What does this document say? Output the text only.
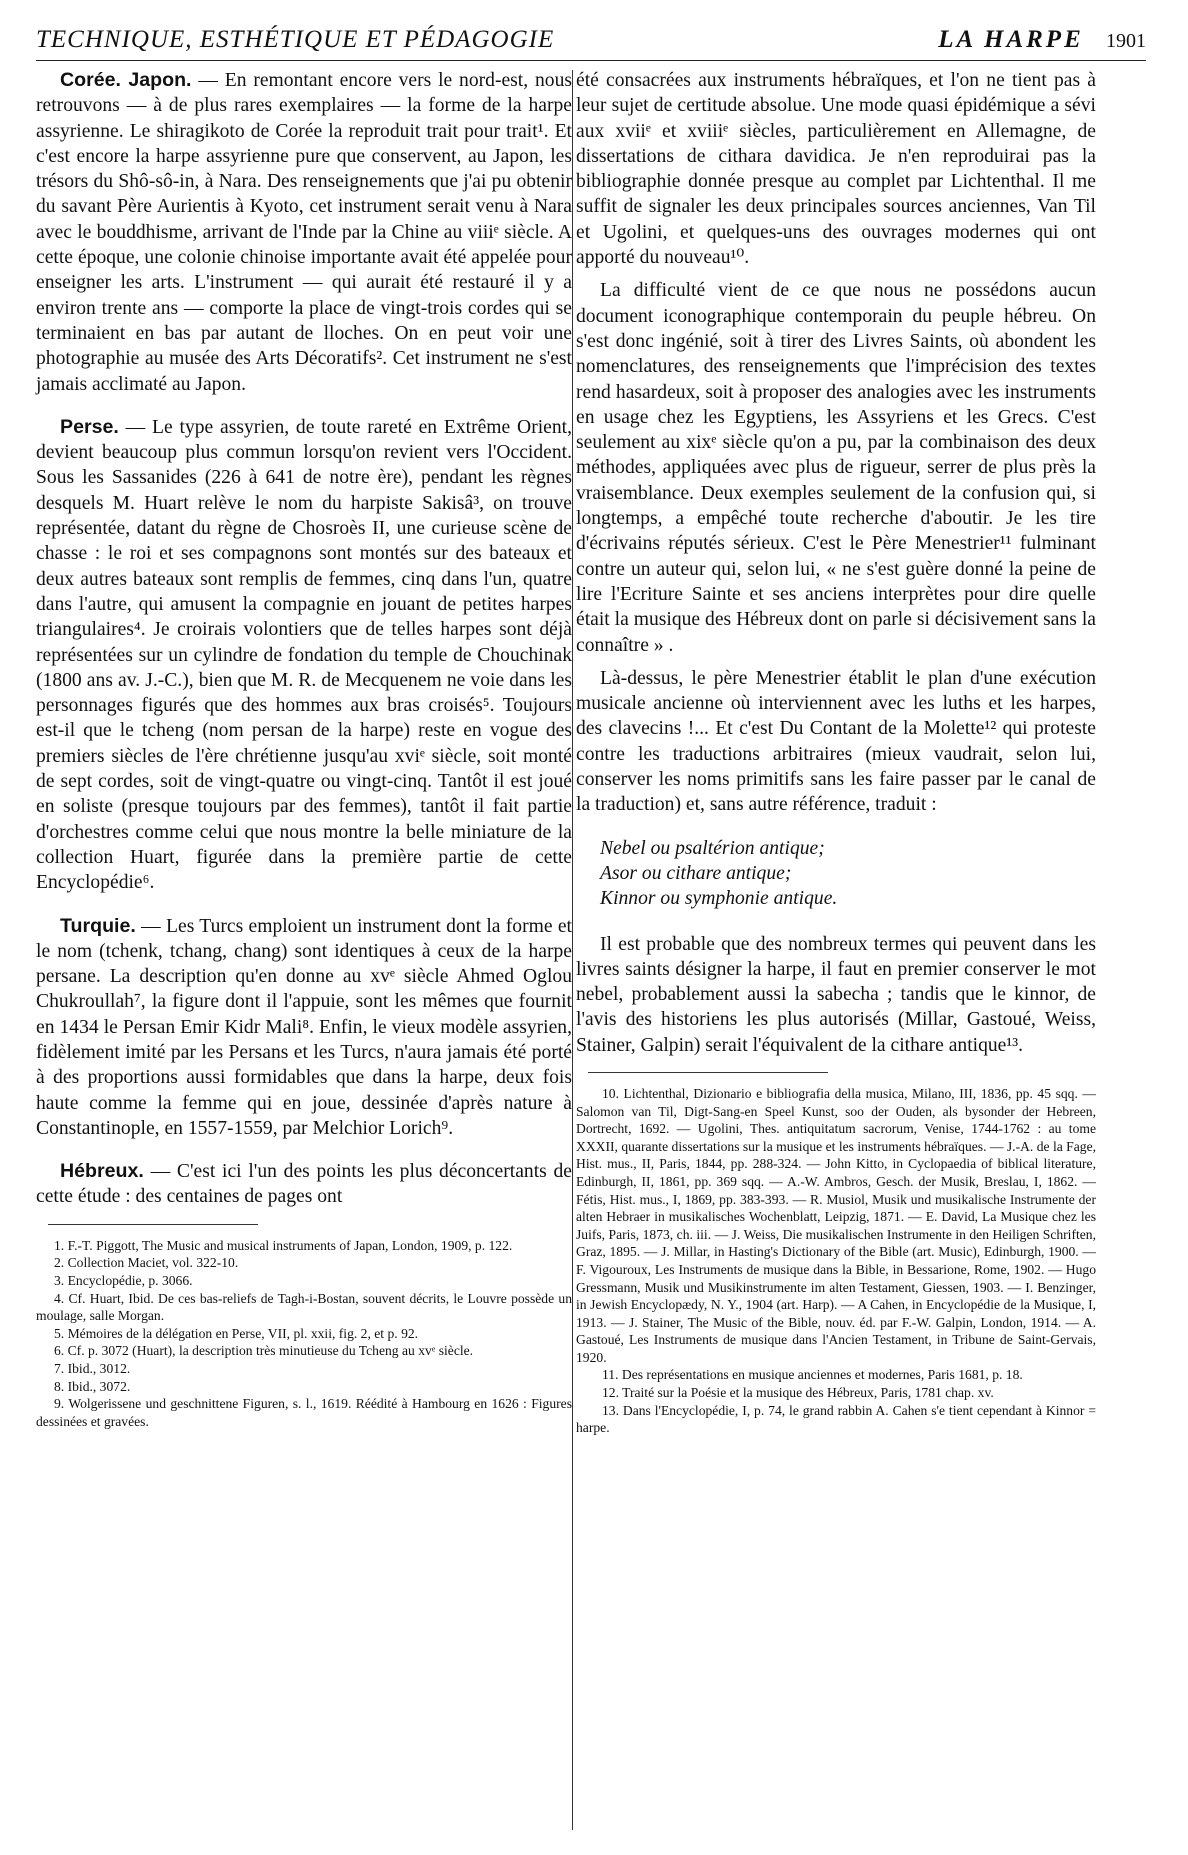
TECHNIQUE, ESTHÉTIQUE ET PÉDAGOGIE	LA HARPE 1901

Corée. Japon. — En remontant encore vers le nord-est, nous retrouvons — à de plus rares exemplaires — la forme de la harpe assyrienne. Le shiragikoto de Corée la reproduit trait pour trait¹. Et c'est encore la harpe assyrienne pure que conservent, au Japon, les trésors du Shô-sô-in, à Nara. Des renseignements que j'ai pu obtenir du savant Père Aurientis à Kyoto, cet instrument serait venu à Nara avec le bouddhisme, arrivant de l'Inde par la Chine au viiiᵉ siècle. A cette époque, une colonie chinoise importante avait été appelée pour enseigner les arts. L'instrument — qui aurait été restauré il y a environ trente ans — comporte la place de vingt-trois cordes qui se terminaient en bas par autant de lloches. On en peut voir une photographie au musée des Arts Décoratifs². Cet instrument ne s'est jamais acclimaté au Japon.

Perse. — Le type assyrien, de toute rareté en Extrême Orient, devient beaucoup plus commun lorsqu'on revient vers l'Occident. Sous les Sassanides (226 à 641 de notre ère), pendant les règnes desquels M. Huart relève le nom du harpiste Sakisâ³, on trouve représentée, datant du règne de Chosroès II, une curieuse scène de chasse : le roi et ses compagnons sont montés sur des bateaux et deux autres bateaux sont remplis de femmes, cinq dans l'un, quatre dans l'autre, qui amusent la compagnie en jouant de petites harpes triangulaires⁴. Je croirais volontiers que de telles harpes sont déjà représentées sur un cylindre de fondation du temple de Chouchinak (1800 ans av. J.-C.), bien que M. R. de Mecquenem ne voie dans les personnages figurés que des hommes aux bras croisés⁵. Toujours est-il que le tcheng (nom persan de la harpe) reste en vogue des premiers siècles de l'ère chrétienne jusqu'au xviᵉ siècle, soit monté de sept cordes, soit de vingt-quatre ou vingt-cinq. Tantôt il est joué en soliste (presque toujours par des femmes), tantôt il fait partie d'orchestres comme celui que nous montre la belle miniature de la collection Huart, figurée dans la première partie de cette Encyclopédie⁶.

Turquie. — Les Turcs emploient un instrument dont la forme et le nom (tchenk, tchang, chang) sont identiques à ceux de la harpe persane. La description qu'en donne au xvᵉ siècle Ahmed Oglou Chukroullah⁷, la figure dont il l'appuie, sont les mêmes que fournit en 1434 le Persan Emir Kidr Mali⁸. Enfin, le vieux modèle assyrien, fidèlement imité par les Persans et les Turcs, n'aura jamais été porté à des proportions aussi formidables que dans la harpe, deux fois haute comme la femme qui en joue, dessinée d'après nature à Constantinople, en 1557-1559, par Melchior Lorich⁹.

Hébreux. — C'est ici l'un des points les plus déconcertants de cette étude : des centaines de pages ont

1. F.-T. Piggott, The Music and musical instruments of Japan, London, 1909, p. 122.
2. Collection Maciet, vol. 322-10.
3. Encyclopédie, p. 3066.
4. Cf. Huart, Ibid. De ces bas-reliefs de Tagh-i-Bostan, souvent décrits, le Louvre possède un moulage, salle Morgan.
5. Mémoires de la délégation en Perse, VII, pl. xxii, fig. 2, et p. 92.
6. Cf. p. 3072 (Huart), la description très minutieuse du Tcheng au xvᵉ siècle.
7. Ibid., 3012.
8. Ibid., 3072.
9. Wolgerissene und geschnittene Figuren, s. l., 1619. Réédité à Hambourg en 1626 : Figures dessinées et gravées.

été consacrées aux instruments hébraïques, et l'on ne tient pas à leur sujet de certitude absolue. Une mode quasi épidémique a sévi aux xviiᵉ et xviiiᵉ siècles, particulièrement en Allemagne, de dissertations de cithara davidica. Je n'en reproduirai pas la bibliographie donnée presque au complet par Lichtenthal. Il me suffit de signaler les deux principales sources anciennes, Van Til et Ugolini, et quelques-uns des ouvrages modernes qui ont apporté du nouveau¹⁰.

La difficulté vient de ce que nous ne possédons aucun document iconographique contemporain du peuple hébreu. On s'est donc ingénié, soit à tirer des Livres Saints, où abondent les nomenclatures, des renseignements que l'imprécision des textes rend hasardeux, soit à proposer des analogies avec les instruments en usage chez les Egyptiens, les Assyriens et les Grecs. C'est seulement au xixᵉ siècle qu'on a pu, par la combinaison des deux méthodes, appliquées avec plus de rigueur, serrer de plus près la vraisemblance. Deux exemples seulement de la confusion qui, si longtemps, a empêché toute recherche d'aboutir. Je les tire d'écrivains réputés sérieux. C'est le Père Menestrier¹¹ fulminant contre un auteur qui, selon lui, « ne s'est guère donné la peine de lire l'Ecriture Sainte et ses anciens interprètes pour dire quelle était la musique des Hébreux dont on parle si décisivement sans la connaître » .

Là-dessus, le père Menestrier établit le plan d'une exécution musicale ancienne où interviennent avec les luths et les harpes, des clavecins !... Et c'est Du Contant de la Molette¹² qui proteste contre les traductions arbitraires (mieux vaudrait, selon lui, conserver les noms primitifs sans les faire passer par le canal de la traduction) et, sans autre référence, traduit :

Nebel ou psaltérion antique;
Asor ou cithare antique;
Kinnor ou symphonie antique.

Il est probable que des nombreux termes qui peuvent dans les livres saints désigner la harpe, il faut en premier conserver le mot nebel, probablement aussi la sabecha ; tandis que le kinnor, de l'avis des historiens les plus autorisés (Millar, Gastoué, Weiss, Stainer, Galpin) serait l'équivalent de la cithare antique¹³.

10. Lichtenthal, Dizionario e bibliografia della musica, Milano, III, 1836, pp. 45 sqq. — Salomon van Til, Digt-Sang-en Speel Kunst, soo der Ouden, als bysonder der Hebreen, Dortrecht, 1692. — Ugolini, Thes. antiquitatum sacrorum, Venise, 1744-1762 : au tome XXXII, quarante dissertations sur la musique et les instruments hébraïques. — J.-A. de la Fage, Hist. mus., II, Paris, 1844, pp. 288-324. — John Kitto, in Cyclopaedia of biblical literature, Edinburgh, II, 1861, pp. 369 sqq. — A.-W. Ambros, Gesch. der Musik, Breslau, I, 1862. — Fétis, Hist. mus., I, 1869, pp. 383-393. — R. Musiol, Musik und musikalische Instrumente der alten Hebraer in musikalisches Wochenblatt, Leipzig, 1871. — E. David, La Musique chez les Juifs, Paris, 1873, ch. iii. — J. Weiss, Die musikalischen Instrumente in den Heiligen Schriften, Graz, 1895. — J. Millar, in Hasting's Dictionary of the Bible (art. Music), Edinburgh, 1900. — F. Vigouroux, Les Instruments de musique dans la Bible, in Bessarione, Rome, 1902. — Hugo Gressmann, Musik und Musikinstrumente im alten Testament, Giessen, 1903. — I. Benzinger, in Jewish Encyclopædy, N. Y., 1904 (art. Harp). — A Cahen, in Encyclopédie de la Musique, I, 1913. — J. Stainer, The Music of the Bible, nouv. éd. par F.-W. Galpin, London, 1914. — A. Gastoué, Les Instruments de musique dans l'Ancien Testament, in Tribune de Saint-Gervais, 1920.
11. Des représentations en musique anciennes et modernes, Paris 1681, p. 18.
12. Traité sur la Poésie et la musique des Hébreux, Paris, 1781 chap. xv.
13. Dans l'Encyclopédie, I, p. 74, le grand rabbin A. Cahen s'e tient cependant à Kinnor = harpe.
